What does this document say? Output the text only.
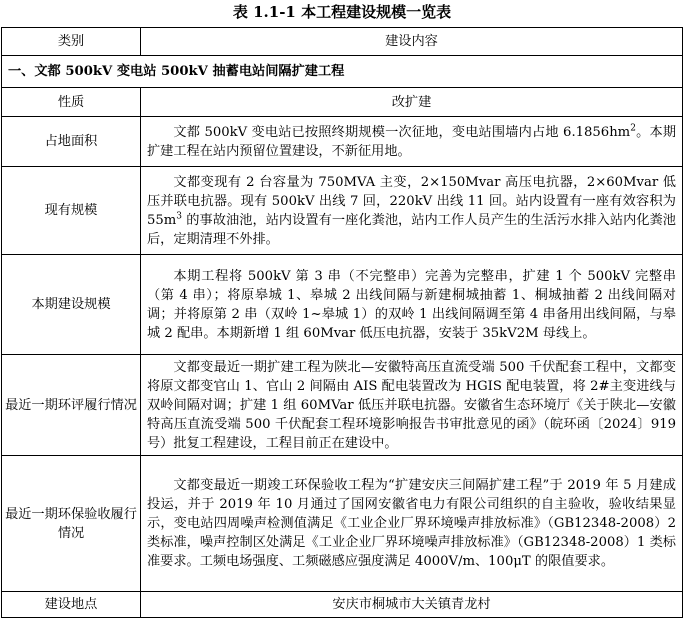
表 1.1-1 本工程建设规模一览表
类别	建设内容
一、文都 500kV 变电站 500kV 抽蓄电站间隔扩建工程	
性质	改扩建
占地面积	文都 500kV 变电站已按照终期规模一次征地，变电站围墙内占地 $6.1856hm^2$。本期扩建工程在站内预留位置建设，不新征用地。
现有规模	文都变现有 2 台容量为 750MVA 主变，2×150Mvar 高压电抗器，2×60Mvar 低压并联电抗器。现有 500kV 出线 7 回，220kV 出线 11 回。站内设置有一座有效容积为 $55m^3$ 的事故油池，站内设置有一座化粪池，站内工作人员产生的生活污水排入站内化粪池后，定期清理不外排。
本期建设规模	本期工程将 500kV 第 3 串（不完整串）完善为完整串，扩建 1 个 500kV 完整串（第 4 串）；将原皋城 1、皋城 2 出线间隔与新建桐城抽蓄 1、桐城抽蓄 2 出线间隔对调；并将原第 2 串（双岭 1~皋城 1）的双岭 1 出线间隔调至第 4 串备用出线间隔，与皋城 2 配串。本期新增 1 组 60Mvar 低压电抗器，安装于 35kV2M 母线上。
最近一期环评履行情况	文都变最近一期扩建工程为陕北—安徽特高压直流受端 500 千伏配套工程中，文都变将原文都变官山 1、官山 2 间隔由 AIS 配电装置改为 HGIS 配电装置，将 2#主变进线与双岭间隔对调；扩建 1 组 60MVar 低压并联电抗器。安徽省生态环境厅《关于陕北—安徽特高压直流受端 500 千伏配套工程环境影响报告书审批意见的函》（皖环函〔2024〕919 号）批复工程建设，工程目前正在建设中。
最近一期环保验收履行情况	文都变最近一期竣工环保验收工程为“扩建安庆三间隔扩建工程”于 2019 年 5 月建成投运，并于 2019 年 10 月通过了国网安徽省电力有限公司组织的自主验收，验收结果显示，变电站四周噪声检测值满足《工业企业厂界环境噪声排放标准》（GB12348-2008）2 类标准，噪声控制区处满足《工业企业厂界环境噪声排放标准》（GB12348-2008）1 类标准要求。工频电场强度、工频磁感应强度满足 4000V/m、100μT 的限值要求。
建设地点	安庆市桐城市大关镇青龙村
